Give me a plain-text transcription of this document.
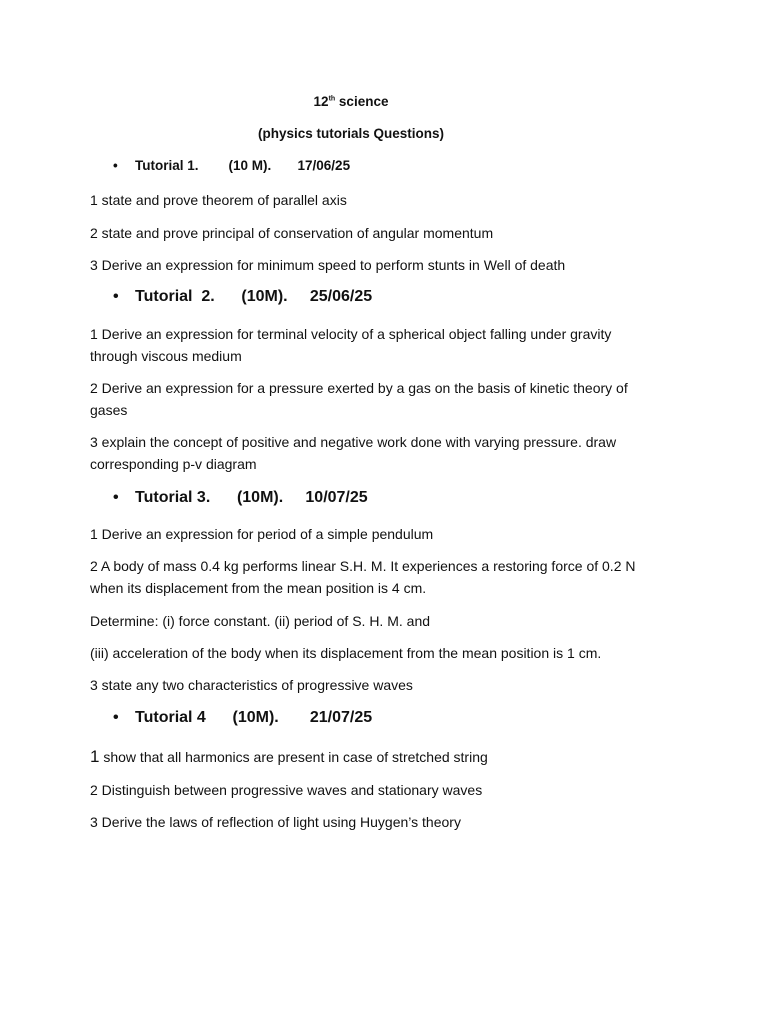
12th science

(physics tutorials Questions)

•	Tutorial 1.        (10 M).       17/06/25

1 state and prove theorem of parallel axis

2 state and prove principal of conservation of angular momentum

3 Derive an expression for minimum speed to perform stunts in Well of death

•	Tutorial  2.      (10M).     25/06/25

1 Derive an expression for terminal velocity of a spherical object falling under gravity through viscous medium

2 Derive an expression for a pressure exerted by a gas on the basis of kinetic theory of gases

3 explain the concept of positive and negative work done with varying pressure. draw corresponding p-v diagram

•	Tutorial 3.      (10M).     10/07/25

1 Derive an expression for period of a simple pendulum

2 A body of mass 0.4 kg performs linear S.H. M. It experiences a restoring force of 0.2 N when its displacement from the mean position is 4 cm.

Determine: (i) force constant. (ii) period of S. H. M. and

(iii) acceleration of the body when its displacement from the mean position is 1 cm.

3 state any two characteristics of progressive waves

•	Tutorial 4      (10M).       21/07/25

1 show that all harmonics are present in case of stretched string

2 Distinguish between progressive waves and stationary waves

3 Derive the laws of reflection of light using Huygen’s theory
